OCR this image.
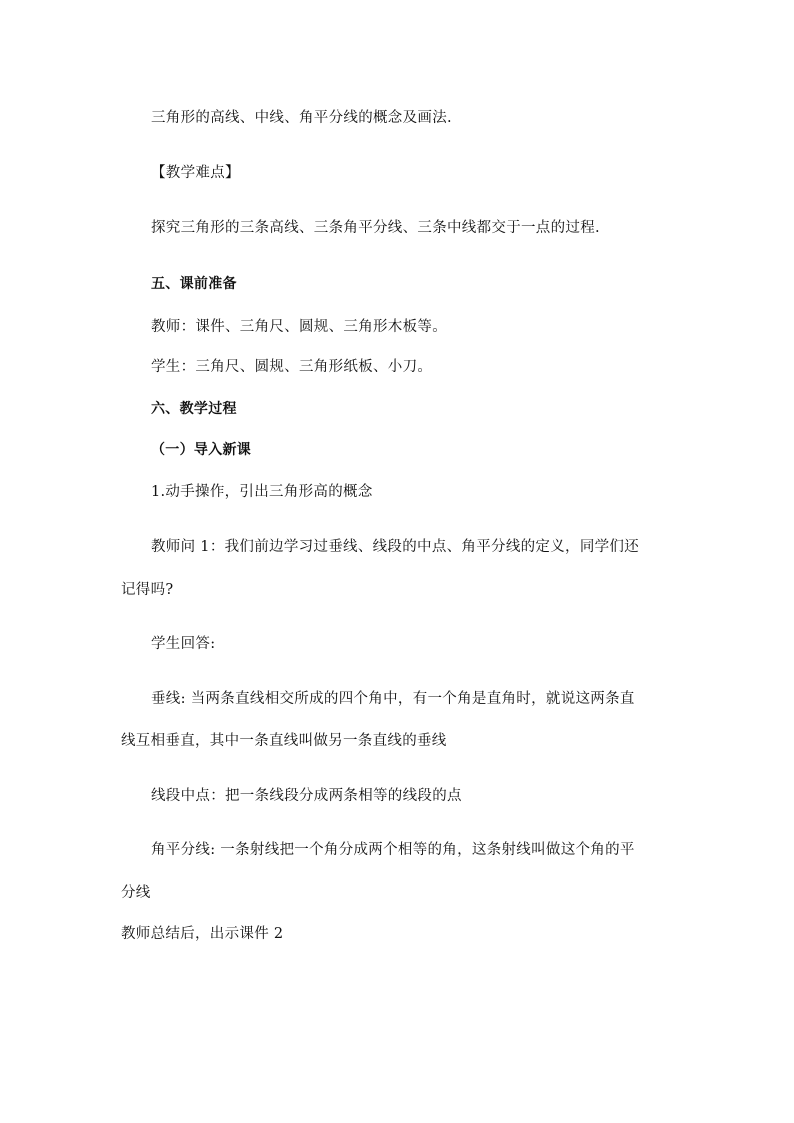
三角形的高线、中线、角平分线的概念及画法.
【教学难点】
探究三角形的三条高线、三条角平分线、三条中线都交于一点的过程.
五、课前准备
教师：课件、三角尺、圆规、三角形木板等。
学生：三角尺、圆规、三角形纸板、小刀。
六、教学过程
（一）导入新课
1.动手操作，引出三角形高的概念
教师问 1：我们前边学习过垂线、线段的中点、角平分线的定义，同学们还
记得吗?
学生回答:
垂线: 当两条直线相交所成的四个角中，有一个角是直角时，就说这两条直
线互相垂直，其中一条直线叫做另一条直线的垂线
线段中点：把一条线段分成两条相等的线段的点
角平分线: 一条射线把一个角分成两个相等的角，这条射线叫做这个角的平
分线
教师总结后，出示课件 2
